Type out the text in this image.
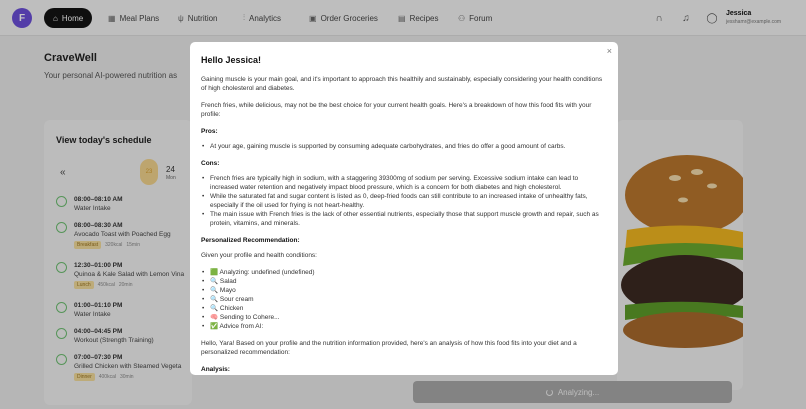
F	⌂ Home	▦ Meal Plans ψ Nutrition	⫶ Analytics	▣ Order Groceries	▤ Recipes ⚇ Forum	∩	♫	◯ Jessica
jesshamr@example.com
CraveWell
Your personal AI-powered nutrition as
View today's schedule
«	23	24
Mon
08:00–08:10 AM
Water Intake
08:00–08:30 AM
Avocado Toast with Poached Egg
Breakfast	320kcal 15min
12:30–01:00 PM
Quinoa & Kale Salad with Lemon Vina
Lunch	450kcal 20min
01:00–01:10 PM
Water Intake
04:00–04:45 PM
Workout (Strength Training)
07:00–07:30 PM
Grilled Chicken with Steamed Vegeta
Dinner	400kcal 30min
Analyzing...
×
Hello Jessica!
Gaining muscle is your main goal, and it's important to approach this healthily and sustainably, especially considering your health conditions of high cholesterol and diabetes.
French fries, while delicious, may not be the best choice for your current health goals. Here's a breakdown of how this food fits with your profile:
Pros:
• At your age, gaining muscle is supported by consuming adequate carbohydrates, and fries do offer a good amount of carbs.
Cons:
• French fries are typically high in sodium, with a staggering 39300mg of sodium per serving. Excessive sodium intake can lead to increased water retention and negatively impact blood pressure, which is a concern for both diabetes and high cholesterol.
• While the saturated fat and sugar content is listed as 0, deep-fried foods can still contribute to an increased intake of unhealthy fats, especially if the oil used for frying is not heart-healthy.
• The main issue with French fries is the lack of other essential nutrients, especially those that support muscle growth and repair, such as protein, vitamins, and minerals.
Personalized Recommendation:
Given your profile and health conditions:
• 🟩 Analyzing: undefined (undefined)
• 🔍 Salad
• 🔍 Mayo
• 🔍 Sour cream
• 🔍 Chicken
• 🧠 Sending to Cohere...
• ✅ Advice from AI:
Hello, Yara! Based on your profile and the nutrition information provided, here's an analysis of how this food fits into your diet and a personalized recommendation:
Analysis:
